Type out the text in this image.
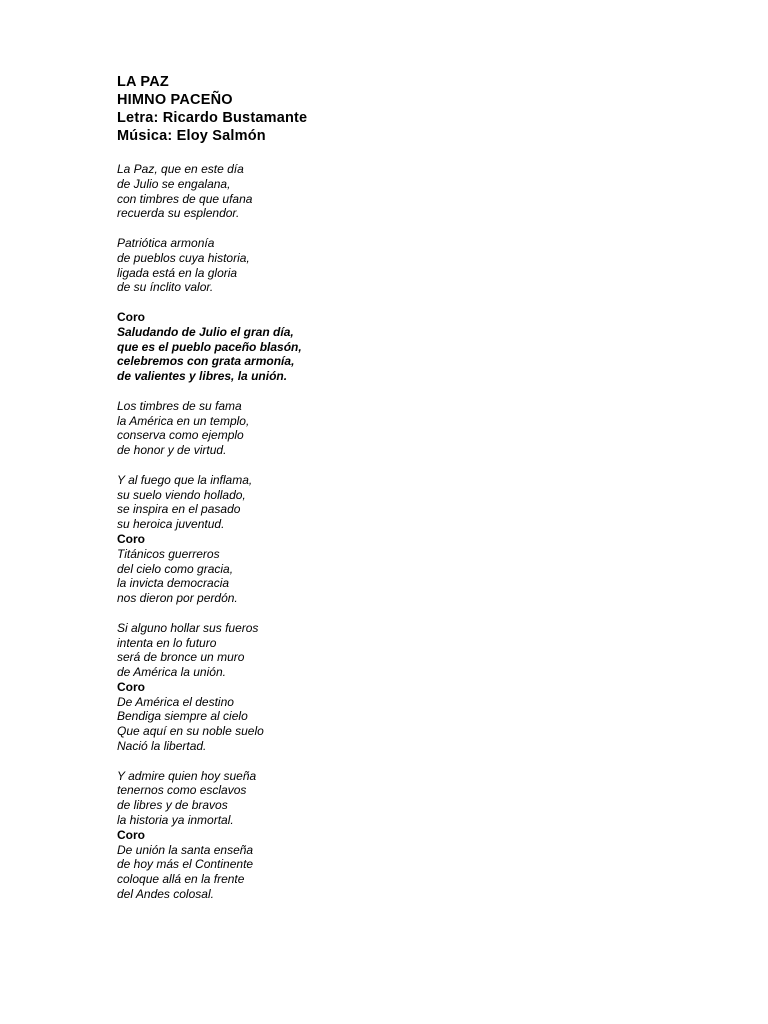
LA PAZ
HIMNO PACEÑO
Letra: Ricardo Bustamante
Música: Eloy Salmón
La Paz, que en este día
de Julio se engalana,
con timbres de que ufana
recuerda su esplendor.
Patriótica armonía
de pueblos cuya historia,
ligada está en la gloria
de su ínclito valor.
Coro
Saludando de Julio el gran día,
que es el pueblo paceño blasón,
celebremos con grata armonía,
de valientes y libres, la unión.
Los timbres de su fama
la América en un templo,
conserva como ejemplo
de honor y de virtud.
Y al fuego que la inflama,
su suelo viendo hollado,
se inspira en el pasado
su heroica juventud.
Coro
Titánicos guerreros
del cielo como gracia,
la invicta democracia
nos dieron por perdón.
Si alguno hollar sus fueros
intenta en lo futuro
será de bronce un muro
de América la unión.
Coro
De América el destino
Bendiga siempre al cielo
Que aquí en su noble suelo
Nació la libertad.
Y admire quien hoy sueña
tenernos como esclavos
de libres y de bravos
la historia ya inmortal.
Coro
De unión la santa enseña
de hoy más el Continente
coloque allá en la frente
del Andes colosal.
